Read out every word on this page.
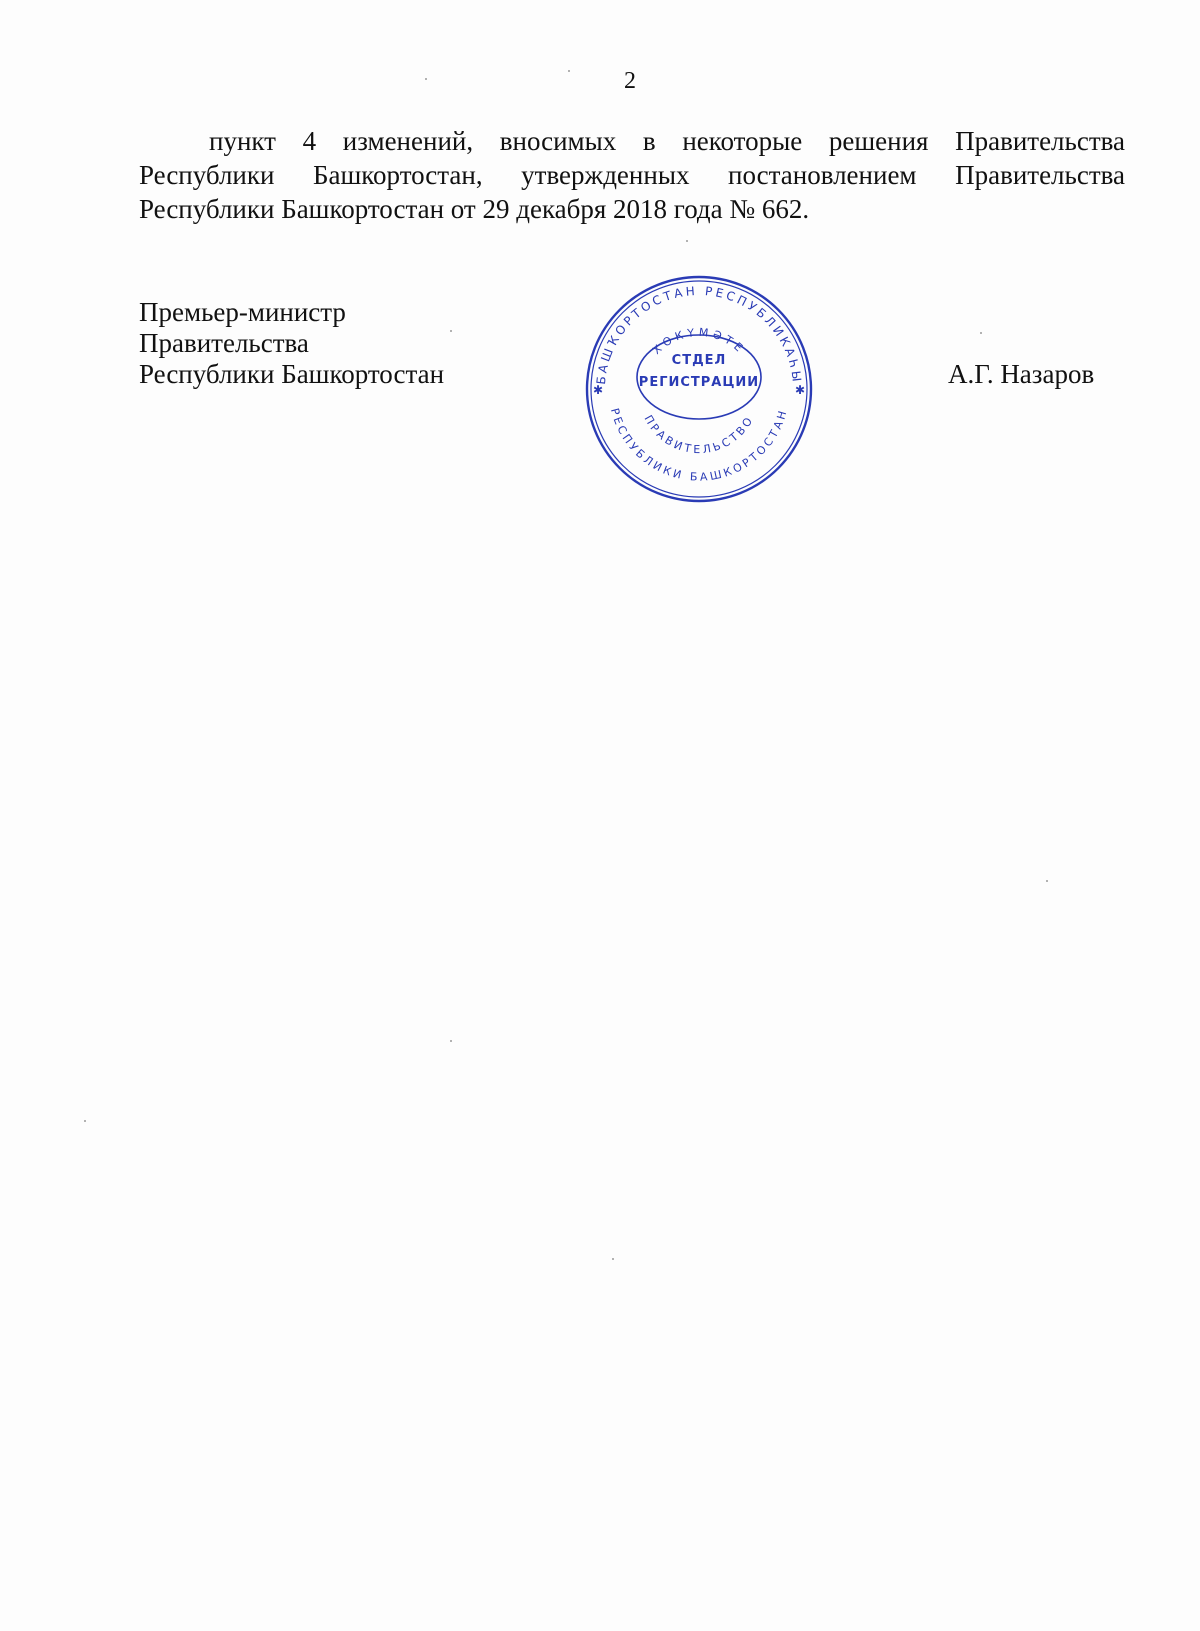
2
пункт 4 изменений, вносимых в некоторые решения Правительства
Республики Башкортостан, утвержденных постановлением Правительства
Республики Башкортостан от 29 декабря 2018 года № 662.
Премьер-министр
Правительства
Республики Башкортостан	БАШҠОРТОСТАН РЕСПУБЛИКАҺЫ
ХӨКҮМӘТЕ
ПРАВИТЕЛЬСТВО
РЕСПУБЛИКИ БАШКОРТОСТАН
СТДЕЛ
РЕГИСТРАЦИИ
✱	✱
А.Г. Назаров
